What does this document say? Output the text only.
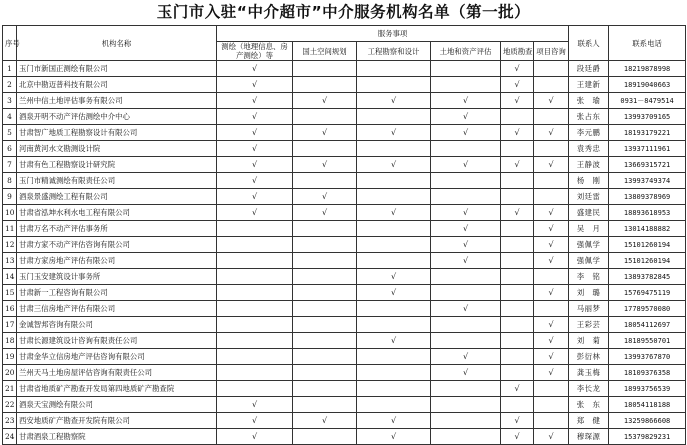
玉门市入驻“中介超市”中介服务机构名单（第一批）
序号	机构名称	服务事项						联系人	联系电话
		测绘（地理信息、房产测绘）等	国土空间规划	工程勘察和设计	土地和资产评估	地质勘查	项目咨询		
1	玉门市新国正测绘有限公司	√				√		段廷爵	18219878998
2	北京中勘迈普科技有限公司	√				√		王建新	18919040663
3	兰州中信土地评估事务有限公司	√	√	√	√	√	√	张　瑜	0931－8479514
4	酒泉开明不动产评估测绘中介中心	√			√			张占东	13993709165
5	甘肃智广地质工程勘察设计有限公司	√	√	√	√	√	√	李元鹏	18193179221
6	河南黄河水文勘测设计院	√						袁秀忠	13937111961
7	甘肃有色工程勘察设计研究院	√	√	√	√	√	√	王静波	13669315721
8	玉门市精诚测绘有限责任公司	√						杨　刚	13993749374
9	酒泉景盛测绘工程有限公司	√	√					刘廷雷	13809378969
10	甘肃省泓坤水利水电工程有限公司	√	√	√	√	√	√	盛建民	18893618953
11	甘肃万名不动产评估事务所				√		√	吴　月	13014188882
12	甘肃方家不动产评估咨询有限公司				√		√	强佩学	15101260194
13	甘肃方家房地产评估有限公司				√		√	强佩学	15101260194
14	玉门玉安建筑设计事务所			√				李　铭	13893782845
15	甘肃新一工程咨询有限公司			√			√	刘　璐	15769475119
16	甘肃三信房地产评估有限公司				√			马丽梦	17789570080
17	金诚智邦咨询有限公司						√	王彩芸	18054112697
18	甘肃长源建筑设计咨询有限责任公司			√			√	刘　菊	18189550701
19	甘肃金华立信房地产评估咨询有限公司				√		√	彭衍林	13993767870
20	兰州天马土地房屋评估咨询有限责任公司				√		√	龚玉梅	18109376358
21	甘肃省地质矿产勘查开发局第四地质矿产勘查院					√		李长龙	18993756539
22	酒泉天宝测绘有限公司	√						张　东	18054118188
23	西安地质矿产勘查开发院有限公司	√	√	√		√		郑　健	13259866608
24	甘肃酒泉工程勘察院	√		√		√	√	穆琛源	15379829231
